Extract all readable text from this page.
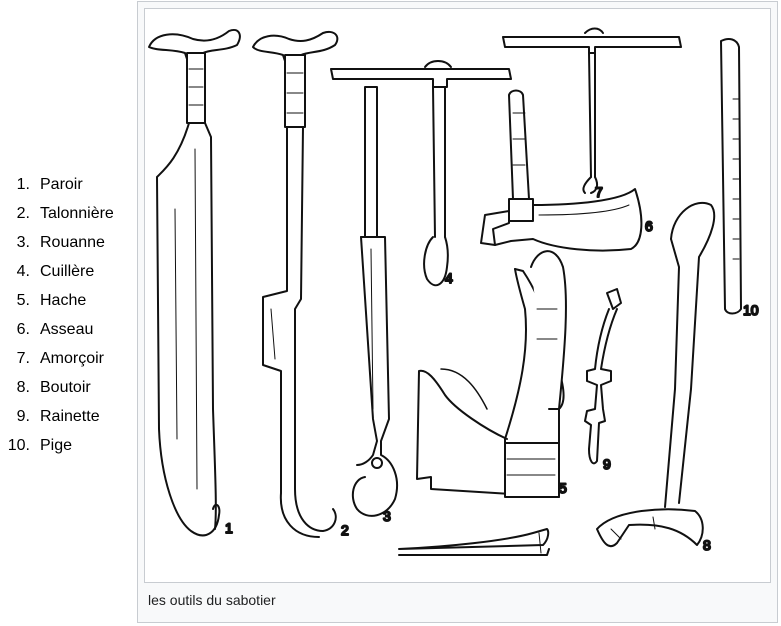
1. Paroir
2. Talonnière
3. Rouanne
4. Cuillère
5. Hache
6. Asseau
7. Amorçoir
8. Boutoir
9. Rainette
10. Pige
1	2
3
4
5
6
7
8
9
10
les outils du sabotier
